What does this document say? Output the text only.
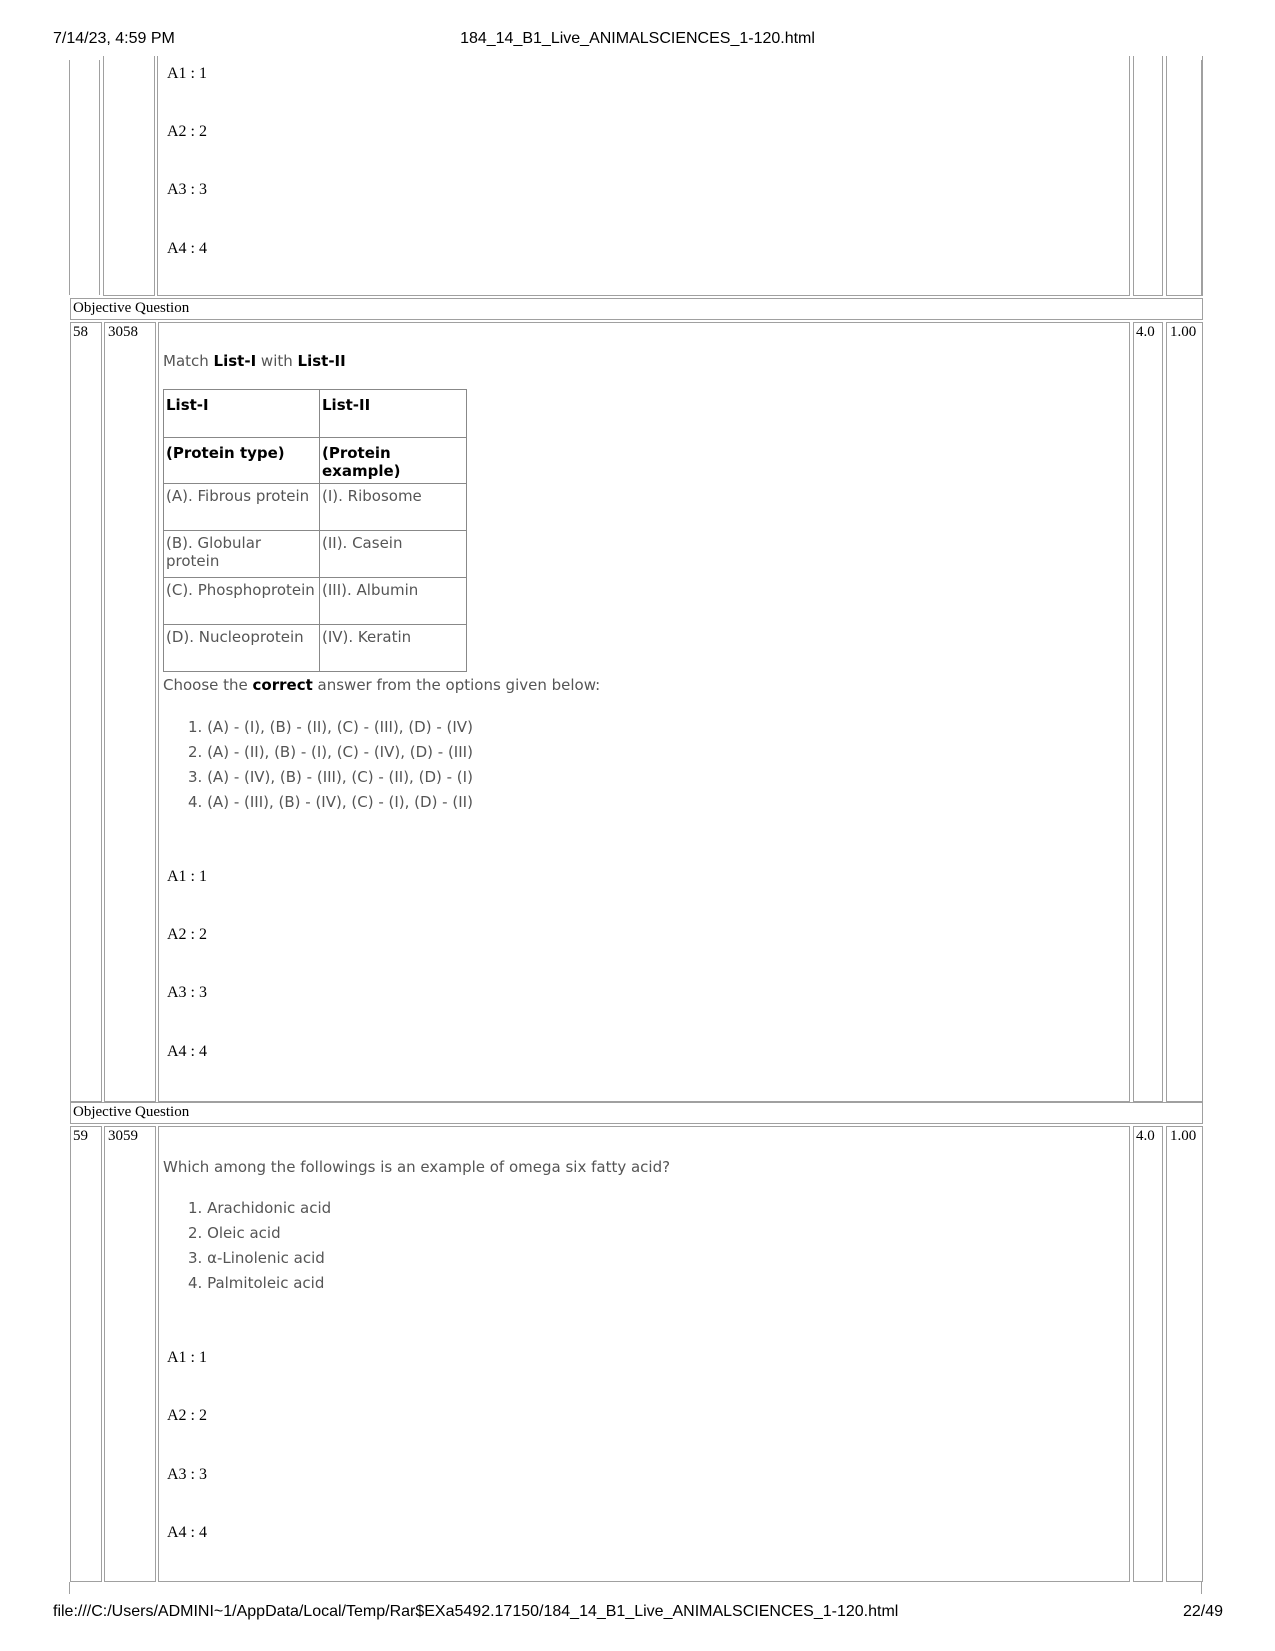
7/14/23, 4:59 PM	184_14_B1_Live_ANIMALSCIENCES_1-120.html
A1 : 1
A2 : 2
A3 : 3
A4 : 4
Objective Question
58 3058	4.0 1.00
Match List-I with List-II
List-I	List-II
(Protein type)	(Protein example)
(A). Fibrous protein	(I). Ribosome
(B). Globular protein	(II). Casein
(C). Phosphoprotein	(III). Albumin
(D). Nucleoprotein	(IV). Keratin
Choose the correct answer from the options given below:
1. (A) - (I), (B) - (II), (C) - (III), (D) - (IV)
2. (A) - (II), (B) - (I), (C) - (IV), (D) - (III)
3. (A) - (IV), (B) - (III), (C) - (II), (D) - (I)
4. (A) - (III), (B) - (IV), (C) - (I), (D) - (II)
A1 : 1
A2 : 2
A3 : 3
A4 : 4
Objective Question
59 3059	4.0 1.00
Which among the followings is an example of omega six fatty acid?
1. Arachidonic acid
2. Oleic acid
3. α-Linolenic acid
4. Palmitoleic acid
A1 : 1
A2 : 2
A3 : 3
A4 : 4
file:///C:/Users/ADMINI~1/AppData/Local/Temp/Rar$EXa5492.17150/184_14_B1_Live_ANIMALSCIENCES_1-120.html	22/49
